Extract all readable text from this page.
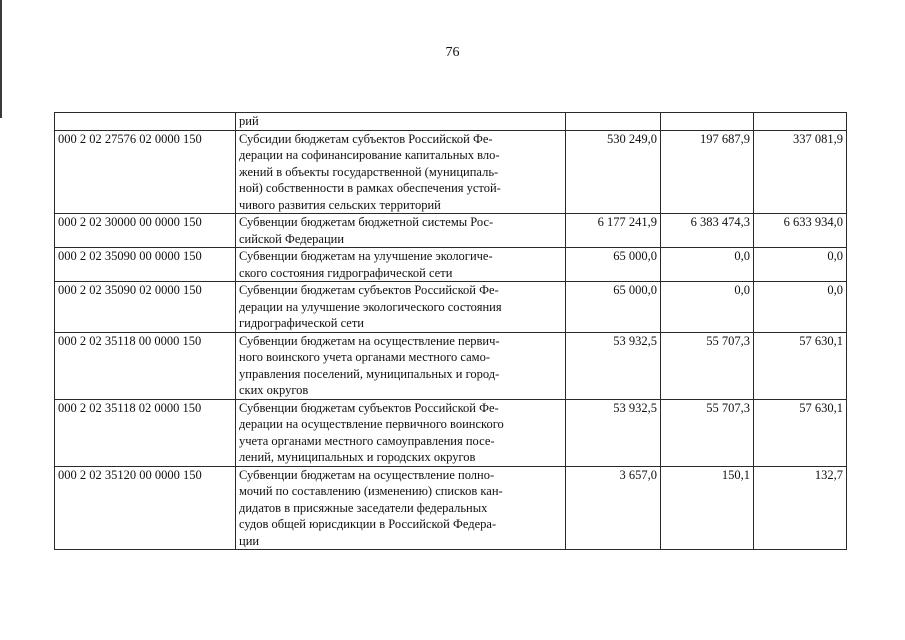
76

	рий			

000 2 02 27576 02 0000 150	Субсидии бюджетам субъектов Российской Фе-
дерации на софинансирование капитальных вло-
жений в объекты государственной (муниципаль-
ной) собственности в рамках обеспечения устой-
чивого развития сельских территорий	530 249,0	197 687,9	337 081,9
000 2 02 30000 00 0000 150	Субвенции бюджетам бюджетной системы Рос-
сийской Федерации	6 177 241,9	6 383 474,3	6 633 934,0
000 2 02 35090 00 0000 150	Субвенции бюджетам на улучшение экологиче-
ского состояния гидрографической сети	65 000,0	0,0	0,0
000 2 02 35090 02 0000 150	Субвенции бюджетам субъектов Российской Фе-
дерации на улучшение экологического состояния
гидрографической сети	65 000,0	0,0	0,0
000 2 02 35118 00 0000 150	Субвенции бюджетам на осуществление первич-
ного воинского учета органами местного само-
управления поселений, муниципальных и город-
ских округов	53 932,5	55 707,3	57 630,1
000 2 02 35118 02 0000 150	Субвенции бюджетам субъектов Российской Фе-
дерации на осуществление первичного воинского
учета органами местного самоуправления посе-
лений, муниципальных и городских округов	53 932,5	55 707,3	57 630,1
000 2 02 35120 00 0000 150	Субвенции бюджетам на осуществление полно-
мочий по составлению (изменению) списков кан-
дидатов в присяжные заседатели федеральных
судов общей юрисдикции в Российской Федера-
ции	3 657,0	150,1	132,7
